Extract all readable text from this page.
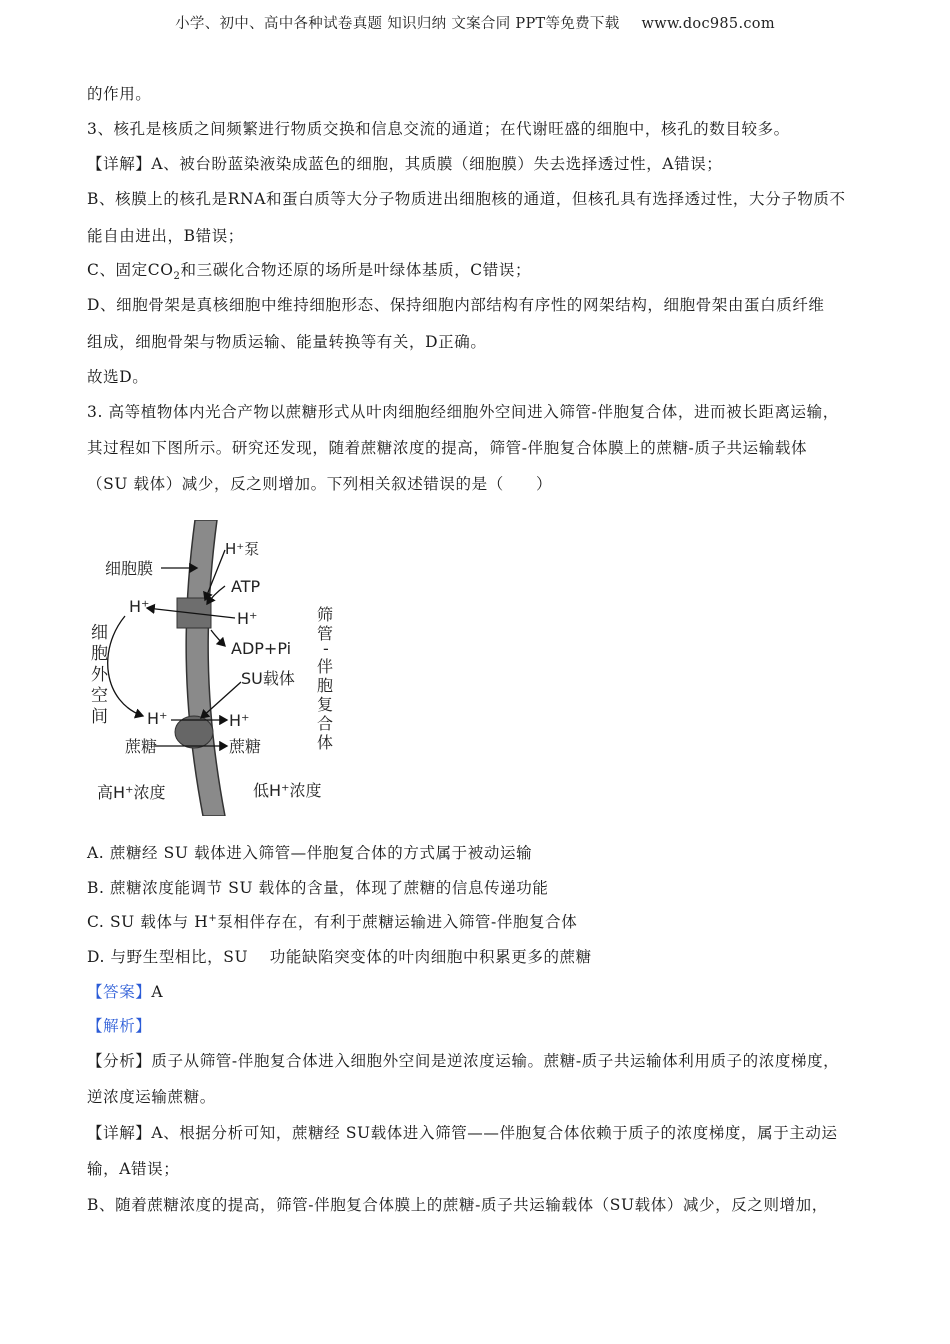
小学、初中、高中各种试卷真题 知识归纳 文案合同 PPT等免费下载 www.doc985.com
的作用。
3、核孔是核质之间频繁进行物质交换和信息交流的通道；在代谢旺盛的细胞中，核孔的数目较多。
【详解】A、被台盼蓝染液染成蓝色的细胞，其质膜（细胞膜）失去选择透过性，A错误；
B、核膜上的核孔是RNA和蛋白质等大分子物质进出细胞核的通道，但核孔具有选择透过性，大分子物质不
能自由进出，B错误；
C、固定$CO_2$和三碳化合物还原的场所是叶绿体基质，C错误；
D、细胞骨架是真核细胞中维持细胞形态、保持细胞内部结构有序性的网架结构，细胞骨架由蛋白质纤维
组成，细胞骨架与物质运输、能量转换等有关，D正确。
故选D。
3. 高等植物体内光合产物以蔗糖形式从叶肉细胞经细胞外空间进入筛管-伴胞复合体，进而被长距离运输，
其过程如下图所示。研究还发现，随着蔗糖浓度的提高，筛管-伴胞复合体膜上的蔗糖-质子共运输载体
（SU 载体）减少，反之则增加。下列相关叙述错误的是（　　）
细胞膜
H⁺泵
ATP
H⁺
H⁺
ADP+Pi
SU载体
H⁺	H⁺
蔗糖	蔗糖
高H⁺浓度	低H⁺浓度
细
胞
外
空
间
筛
管
-
伴
胞
复
合
体
A. 蔗糖经 SU 载体进入筛管—伴胞复合体的方式属于被动运输
B. 蔗糖浓度能调节 SU 载体的含量，体现了蔗糖的信息传递功能
C. SU 载体与 H+泵相伴存在，有利于蔗糖运输进入筛管-伴胞复合体
D. 与野生型相比，SU　 功能缺陷突变体的叶肉细胞中积累更多的蔗糖
【答案】A
【解析】
【分析】质子从筛管-伴胞复合体进入细胞外空间是逆浓度运输。蔗糖-质子共运输体利用质子的浓度梯度，
逆浓度运输蔗糖。
【详解】A、根据分析可知，蔗糖经 SU载体进入筛管——伴胞复合体依赖于质子的浓度梯度，属于主动运
输，A错误；
B、随着蔗糖浓度的提高，筛管-伴胞复合体膜上的蔗糖-质子共运输载体（SU载体）减少，反之则增加，
